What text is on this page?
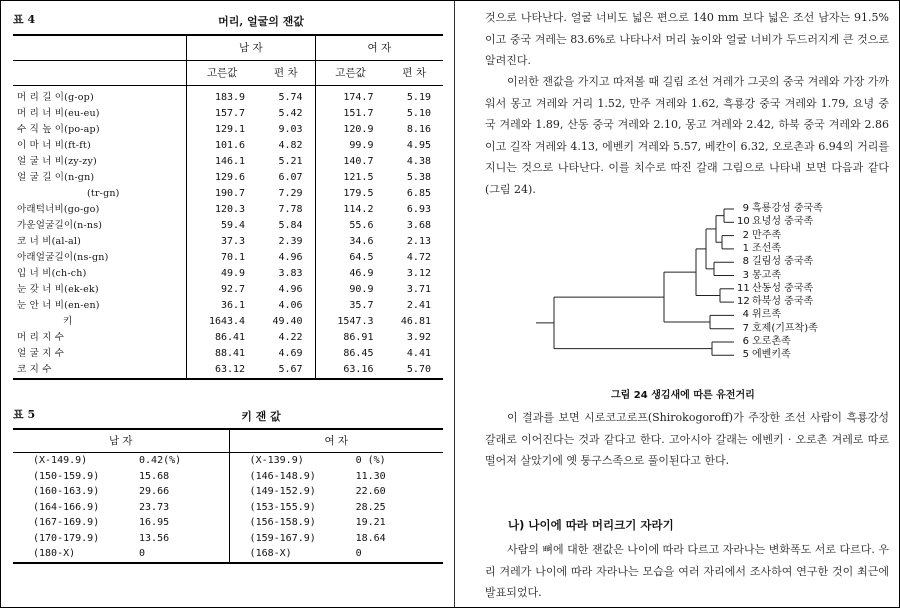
표 4	머리, 얼굴의 잰값
	남 자		여 자	
	고른값	편 차	고른값	편 차
머 리 길 이(g-op)	183.9	5.74	174.7	5.19
머 리 너 비(eu-eu)	157.7	5.42	151.7	5.10
수 직 높 이(po-ap)	129.1	9.03	120.9	8.16
이 마 너 비(ft-ft)	101.6	4.82	99.9	4.95
얼 굴 너 비(zy-zy)	146.1	5.21	140.7	4.38
얼 굴 길 이(n-gn)	129.6	6.07	121.5	5.38
(tr-gn)	190.7	7.29	179.5	6.85
아래턱너비(go-go)	120.3	7.78	114.2	6.93
가운얼굴길이(n-ns)	59.4	5.84	55.6	3.68
코 너 비(al-al)	37.3	2.39	34.6	2.13
아래얼굴길이(ns-gn)	70.1	4.96	64.5	4.72
입 너 비(ch-ch)	49.9	3.83	46.9	3.12
눈 갖 너 비(ek-ek)	92.7	4.96	90.9	3.71
눈 안 너 비(en-en)	36.1	4.06	35.7	2.41
키	1643.4	49.40	1547.3	46.81
머 리 지 수	86.41	4.22	86.91	3.92
얼 굴 지 수	88.41	4.69	86.45	4.41
코 지 수	63.12	5.67	63.16	5.70
표 5	키 잰 값
남 자		여 자	
(X-149.9)	0.42(%)	(X-139.9)	0 (%)
(150-159.9)	15.68	(146-148.9)	11.30
(160-163.9)	29.66	(149-152.9)	22.60
(164-166.9)	23.73	(153-155.9)	28.25
(167-169.9)	16.95	(156-158.9)	19.21
(170-179.9)	13.56	(159-167.9)	18.64
(180-X)	0	(168-X)	0
것으로 나타난다. 얼굴 너비도 넓은 편으로 140 mm 보다 넓은 조선 남자는 91.5%이고 중국 겨레는 83.6%로 나타나서 머리 높이와 얼굴 너비가 두드러지게 큰 것으로 알려진다.
이러한 잰값을 가지고 따져볼 때 길림 조선 겨레가 그곳의 중국 겨레와 가장 가까워서 몽고 겨레와 거리 1.52, 만주 겨레와 1.62, 흑룡강 중국 겨레와 1.79, 요녕 중국 겨레와 1.89, 산동 중국 겨레와 2.10, 몽고 겨레와 2.42, 하북 중국 겨레와 2.86이고 길작 겨레와 4.13, 에벤키 겨레와 5.57, 베칸이 6.32, 오로촌과 6.94의 거리를 지니는 것으로 나타난다. 이를 치수로 따진 갈래 그림으로 나타내 보면 다음과 같다(그림 24).
9 흑룡강성 중국족
10 요녕성 중국족
2 만주족
1 조선족
8 길림성 중국족
3 몽고족
11 산동성 중국족
12 하북성 중국족
4 위르족
7 호제(기프착)족
6 오로촌족
5 에벤키족
그림 24 생김새에 따른 유전거리
이 결과를 보면 시로코고로프(Shirokogoroff)가 주장한 조선 사람이 흑룡강성 갈래로 이어진다는 것과 같다고 한다. 고아시아 갈래는 에벤키 · 오로촌 겨레로 따로 떨어져 살았기에 옛 퉁구스족으로 풀이된다고 한다.
나) 나이에 따라 머리크기 자라기
사람의 뼈에 대한 잰값은 나이에 따라 다르고 자라나는 변화폭도 서로 다르다. 우리 겨레가 나이에 따라 자라나는 모습을 여러 자리에서 조사하여 연구한 것이 최근에 발표되었다.
